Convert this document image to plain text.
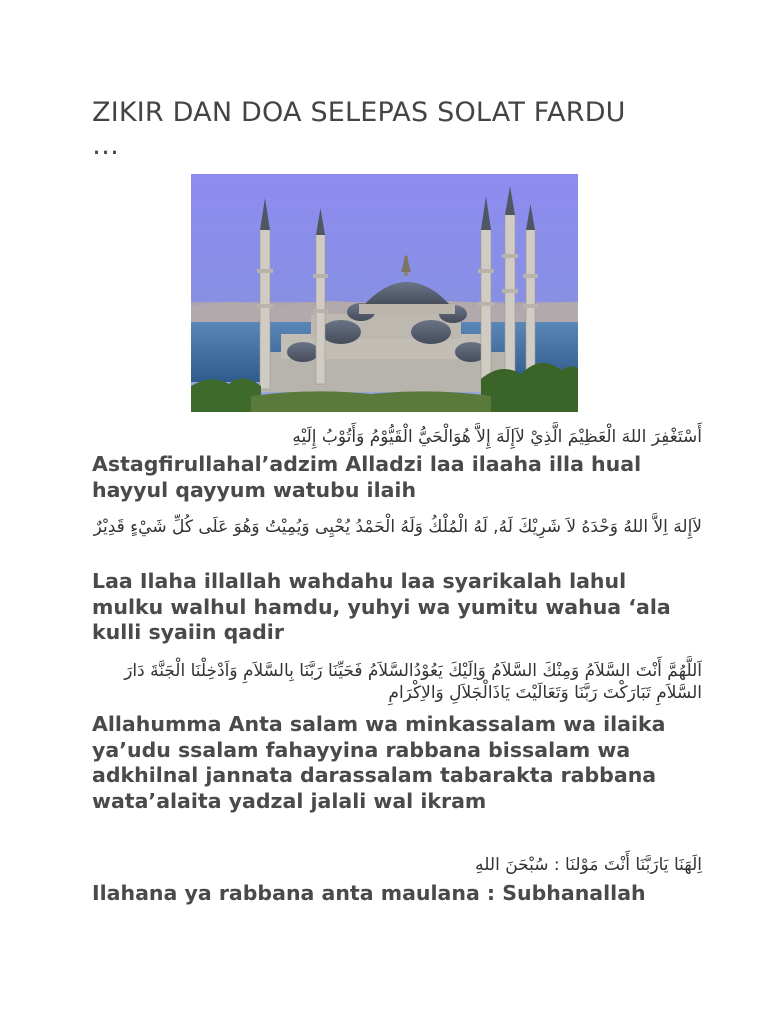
ZIKIR DAN DOA SELEPAS SOLAT FARDU …

أَسْتَغْفِرَ اللهَ الْعَظِيْمَ الَّذِيْ لاَإِلَهَ إِلاَّ هُوَالْحَيُّ الْقَيُّوْمُ وَأَتُوْبُ إِلَيْهِ

Astagfirullahal’adzim Alladzi laa ilaaha illa hual hayyul qayyum watubu ilaih

لاَإِلهَ اِلاَّ اللهُ وَحْدَهُ لاَ شَرِيْكَ لَهُ, لَهُ الْمُلْكُ وَلَهُ الْحَمْدُ يُحْيِى وَيُمِيْتُ وَهُوَ عَلَى كُلِّ شَيْءٍ قَدِيْرٌ

Laa Ilaha illallah wahdahu laa syarikalah lahul mulku walhul hamdu, yuhyi wa yumitu wahua ‘ala kulli syaiin qadir

اَللَّهُمَّ أَنْتَ السَّلاَمُ وَمِنْكَ السَّلاَمُ وَاِلَيْكَ يَعُوْدُالسَّلاَمُ فَحَيِّنَا رَبَّنَا بِالسَّلاَمِ وَاَدْخِلْنَا الْجَنَّةَ دَارَ السَّلاَمِ تَبَارَكْتَ رَبَّنَا وَتَعَالَيْتَ يَاذَالْجَلاَلِ وَالاِكْرَامِ

Allahumma Anta salam wa minkassalam wa ilaika ya’udu ssalam fahayyina rabbana bissalam wa adkhilnal jannata darassalam tabarakta rabbana wata’alaita yadzal jalali wal ikram

اِلَهَنَا يَارَبَّنَا أَنْتَ مَوْلنَا : سُبْحَنَ اللهِ

Ilahana ya rabbana anta maulana : Subhanallah
